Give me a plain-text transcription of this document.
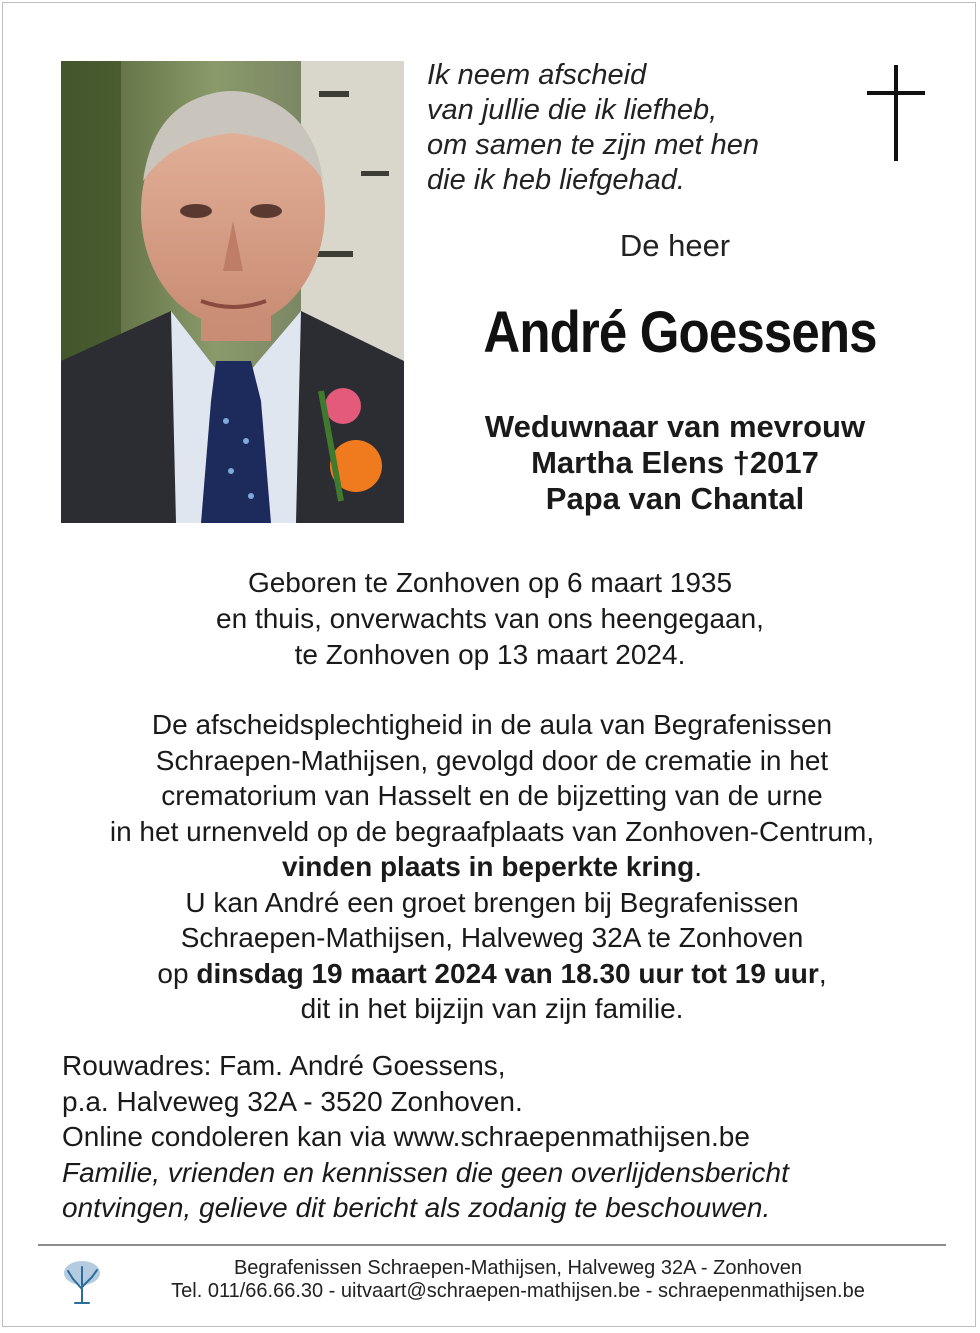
Ik neem afscheid
van jullie die ik liefheb,
om samen te zijn met hen
die ik heb liefgehad.
De heer
André Goessens
Weduwnaar van mevrouw
Martha Elens †2017
Papa van Chantal
Geboren te Zonhoven op 6 maart 1935
en thuis, onverwachts van ons heengegaan,
te Zonhoven op 13 maart 2024.
De afscheidsplechtigheid in de aula van Begrafenissen
Schraepen-Mathijsen, gevolgd door de crematie in het
crematorium van Hasselt en de bijzetting van de urne
in het urnenveld op de begraafplaats van Zonhoven-Centrum,
vinden plaats in beperkte kring.
U kan André een groet brengen bij Begrafenissen
Schraepen-Mathijsen, Halveweg 32A te Zonhoven
op dinsdag 19 maart 2024 van 18.30 uur tot 19 uur,
dit in het bijzijn van zijn familie.
Rouwadres: Fam. André Goessens,
p.a. Halveweg 32A - 3520 Zonhoven.
Online condoleren kan via www.schraepenmathijsen.be
Familie, vrienden en kennissen die geen overlijdensbericht
ontvingen, gelieve dit bericht als zodanig te beschouwen.
Begrafenissen Schraepen-Mathijsen, Halveweg 32A - Zonhoven
Tel. 011/66.66.30 - uitvaart@schraepen-mathijsen.be - schraepenmathijsen.be
